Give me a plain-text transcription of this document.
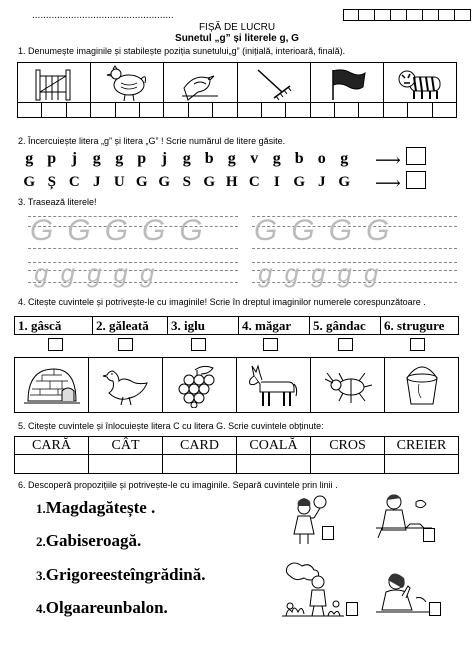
...................................................
FIȘĂ DE LUCRU
Sunetul „g” și literele g, G
1. Denumește imaginile și stabilește poziția sunetului„g” (inițială, interioară, finală).
2. Încercuiește litera „g” și litera „G” ! Scrie numărul de litere găsite.
g p j g g p j g b g v g b o g	⟶
G Ș C J U G G S G H C I G J G	⟶
3. Trasează literele!
GGGGG
ggggg
GGGG
ggggg
4. Citește cuvintele și potrivește-le cu imaginile! Scrie în dreptul imaginilor numerele corespunzătoare .
1. gâscă	2. găleată	3. iglu	4. măgar	5. gândac	6. strugure
5. Citește cuvintele și înlocuiește litera C cu litera G. Scrie cuvintele obținute:
CARĂ	CÂT	CARD	COALĂ	CROS	CREIER
6. Descoperă propozițiile și potrivește-le cu imaginile. Separă cuvintele prin linii .
1.Magdagătește .
2.Gabiseroagă.
3.Grigoreesteîngrădină.
4.Olgaareunbalon.
